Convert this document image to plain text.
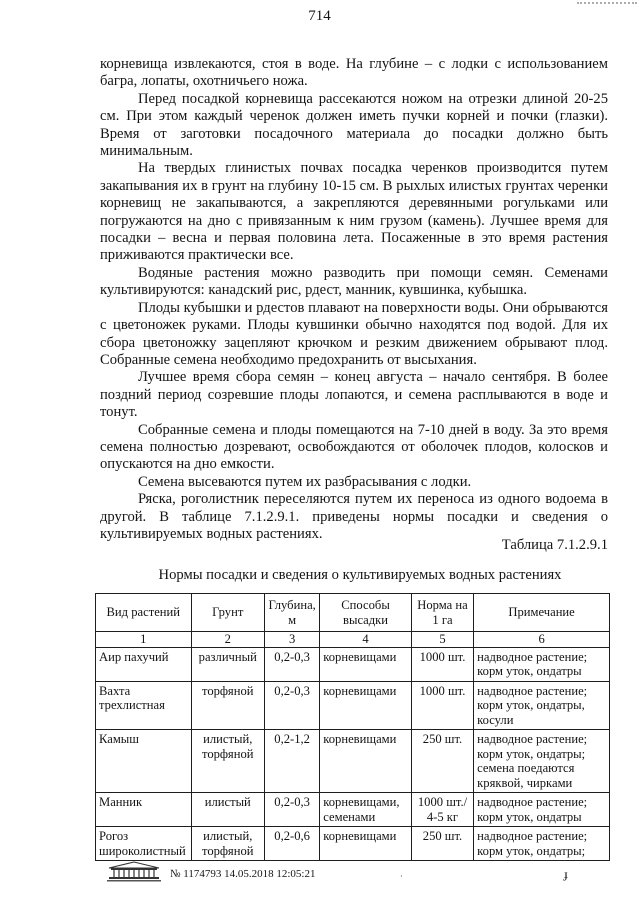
714

корневища извлекаются, стоя в воде. На глубине – с лодки с использованием багра, лопаты, охотничьего ножа.

Перед посадкой корневища рассекаются ножом на отрезки длиной 20-25 см. При этом каждый черенок должен иметь пучки корней и почки (глазки). Время от заготовки посадочного материала до посадки должно быть минимальным.

На твердых глинистых почвах посадка черенков производится путем закапывания их в грунт на глубину 10-15 см. В рыхлых илистых грунтах черенки корневищ не закапываются, а закрепляются деревянными рогульками или погружаются на дно с привязанным к ним грузом (камень). Лучшее время для посадки – весна и первая половина лета. Посаженные в это время растения приживаются практически все.

Водяные растения можно разводить при помощи семян. Семенами культивируются: канадский рис, рдест, манник, кувшинка, кубышка.

Плоды кубышки и рдестов плавают на поверхности воды. Они обрываются с цветоножек руками. Плоды кувшинки обычно находятся под водой. Для их сбора цветоножку зацепляют крючком и резким движением обрывают плод. Собранные семена необходимо предохранить от высыхания.

Лучшее время сбора семян – конец августа – начало сентября. В более поздний период созревшие плоды лопаются, и семена расплываются в воде и тонут.

Собранные семена и плоды помещаются на 7-10 дней в воду. За это время семена полностью дозревают, освобождаются от оболочек плодов, колосков и опускаются на дно емкости.

Семена высеваются путем их разбрасывания с лодки.

Ряска, роголистник переселяются путем их переноса из одного водоема в другой. В таблице 7.1.2.9.1. приведены нормы посадки и сведения о культивируемых водных растениях.

Таблица 7.1.2.9.1
Нормы посадки и сведения о культивируемых водных растениях
Вид растений	Грунт	Глубина, м	Способы высадки	Норма на 1 га	Примечание
1	2	3	4	5	6
Аир пахучий	различный	0,2-0,3	корневищами	1000 шт.	надводное растение; корм уток, ондатры
Вахта трехлистная	торфяной	0,2-0,3	корневищами	1000 шт.	надводное растение; корм уток, ондатры, косули
Камыш	илистый, торфяной	0,2-1,2	корневищами	250 шт.	надводное растение; корм уток, ондатры; семена поедаются кряквой, чирками
Манник	илистый	0,2-0,3	корневищами, семенами	1000 шт./ 4-5 кг	надводное растение; корм уток, ондатры
Рогоз широколистный	илистый, торфяной	0,2-0,6	корневищами	250 шт.	надводное растение; корм уток, ондатры;
№ 1174793 14.05.2018 12:05:21	ɟ
·
